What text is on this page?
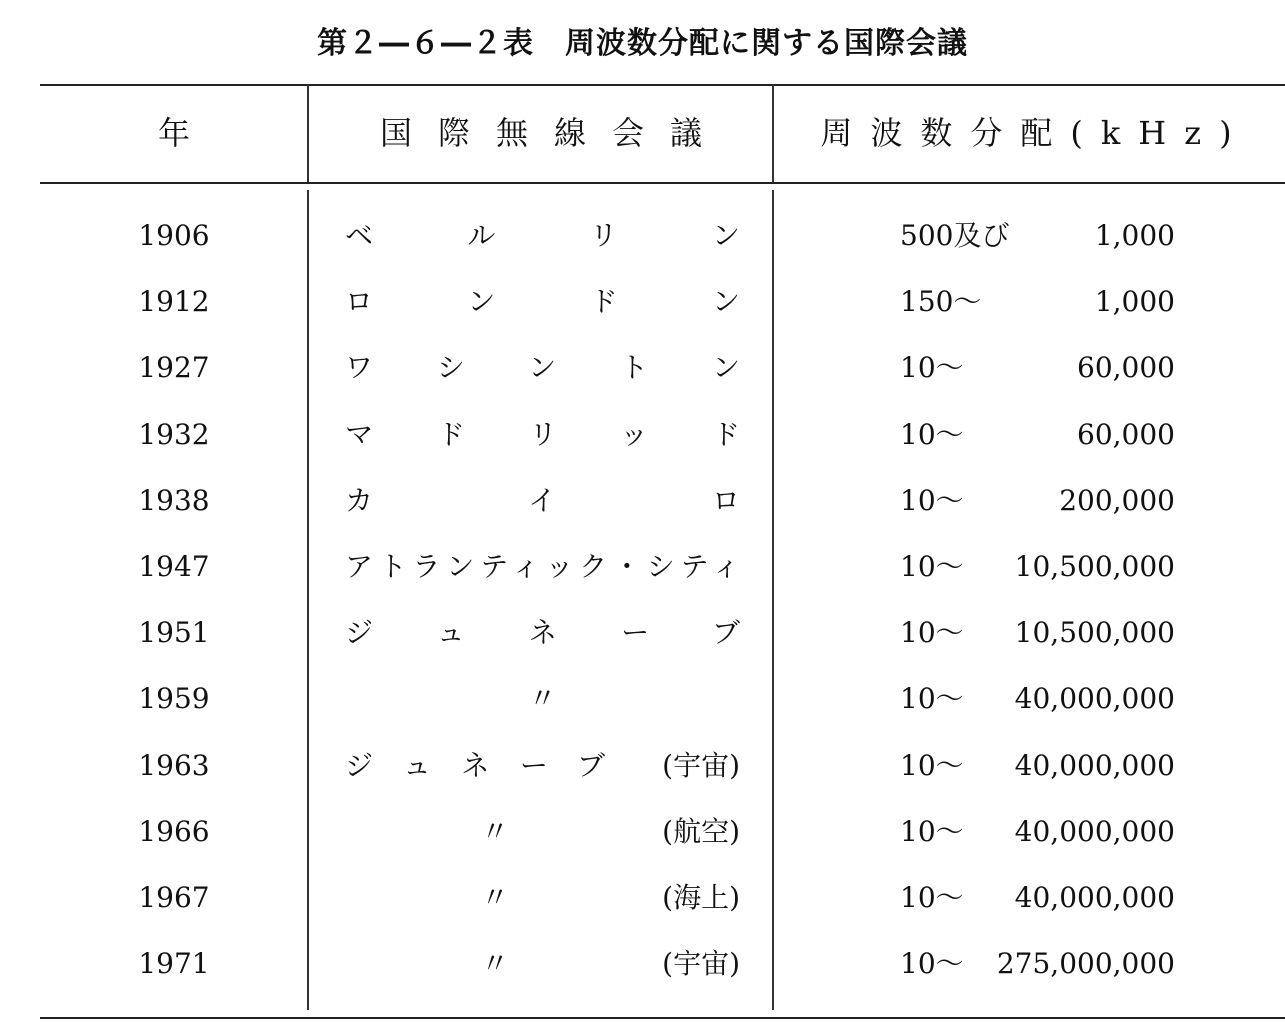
第２―６―２表　周波数分配に関する国際会議
年	国際無線会議	周波数分配(kHz)
1906	ベルリン	500及び	1,000
1912	ロンドン	150～	1,000
1927	ワシントン	10～	60,000
1932	マドリッド	10～	60,000
1938	カイロ	10～	200,000
1947	アトランティック・シティ	10～	10,500,000
1951	ジュネーブ	10～	10,500,000
1959	〃	10～	40,000,000
1963	ジュネーブ (宇宙)	10～	40,000,000
1966	〃	(航空)	10～	40,000,000
1967	〃	(海上)	10～	40,000,000
1971	〃	(宇宙)	10～	275,000,000
